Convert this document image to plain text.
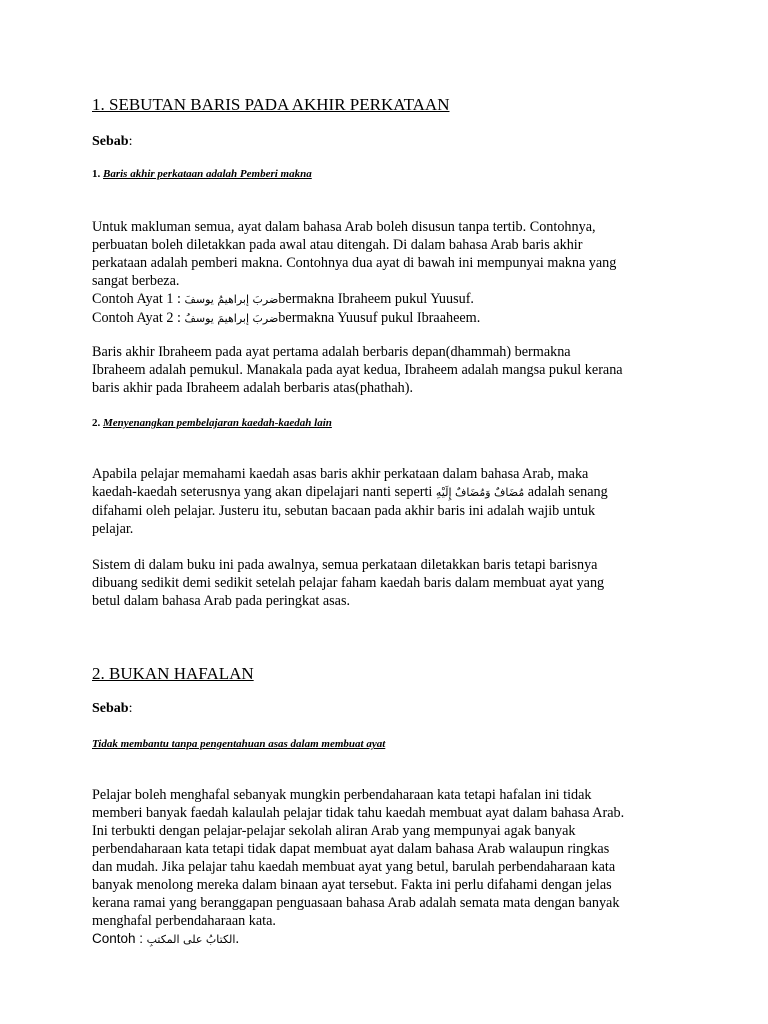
1. SEBUTAN BARIS PADA AKHIR PERKATAAN
Sebab:
1. Baris akhir perkataan adalah Pemberi makna

Untuk makluman semua, ayat dalam bahasa Arab boleh disusun tanpa tertib. Contohnya,

perbuatan boleh diletakkan pada awal atau ditengah. Di dalam bahasa Arab baris akhir

perkataan adalah pemberi makna. Contohnya dua ayat di bawah ini mempunyai makna yang

sangat berbeza.

Contoh Ayat 1 : ضربَ إبراهيمُ يوسفَbermakna Ibraheem pukul Yuusuf.

Contoh Ayat 2 : ضربَ إبراهيمَ يوسفُbermakna Yuusuf pukul Ibraaheem.

Baris akhir Ibraheem pada ayat pertama adalah berbaris depan(dhammah) bermakna

Ibraheem adalah pemukul. Manakala pada ayat kedua, Ibraheem adalah mangsa pukul kerana

baris akhir pada Ibraheem adalah berbaris atas(phathah).

2. Menyenangkan pembelajaran kaedah-kaedah lain

Apabila pelajar memahami kaedah asas baris akhir perkataan dalam bahasa Arab, maka

kaedah-kaedah seterusnya yang akan dipelajari nanti seperti مُضَافٌ وَمُضَافٌ إِلَيْهِ adalah senang

difahami oleh pelajar. Justeru itu, sebutan bacaan pada akhir baris ini adalah wajib untuk

pelajar.

Sistem di dalam buku ini pada awalnya, semua perkataan diletakkan baris tetapi barisnya

dibuang sedikit demi sedikit setelah pelajar faham kaedah baris dalam membuat ayat yang

betul dalam bahasa Arab pada peringkat asas.

2. BUKAN HAFALAN
Sebab:
Tidak membantu tanpa pengentahuan asas dalam membuat ayat

Pelajar boleh menghafal sebanyak mungkin perbendaharaan kata tetapi hafalan ini tidak

memberi banyak faedah kalaulah pelajar tidak tahu kaedah membuat ayat dalam bahasa Arab.

Ini terbukti dengan pelajar-pelajar sekolah aliran Arab yang mempunyai agak banyak

perbendaharaan kata tetapi tidak dapat membuat ayat dalam bahasa Arab walaupun ringkas

dan mudah. Jika pelajar tahu kaedah membuat ayat yang betul, barulah perbendaharaan kata

banyak menolong mereka dalam binaan ayat tersebut. Fakta ini perlu difahami dengan jelas

kerana ramai yang beranggapan penguasaan bahasa Arab adalah semata mata dengan banyak

menghafal perbendaharaan kata.

Contoh : الكتابُ على المكتبِ.
